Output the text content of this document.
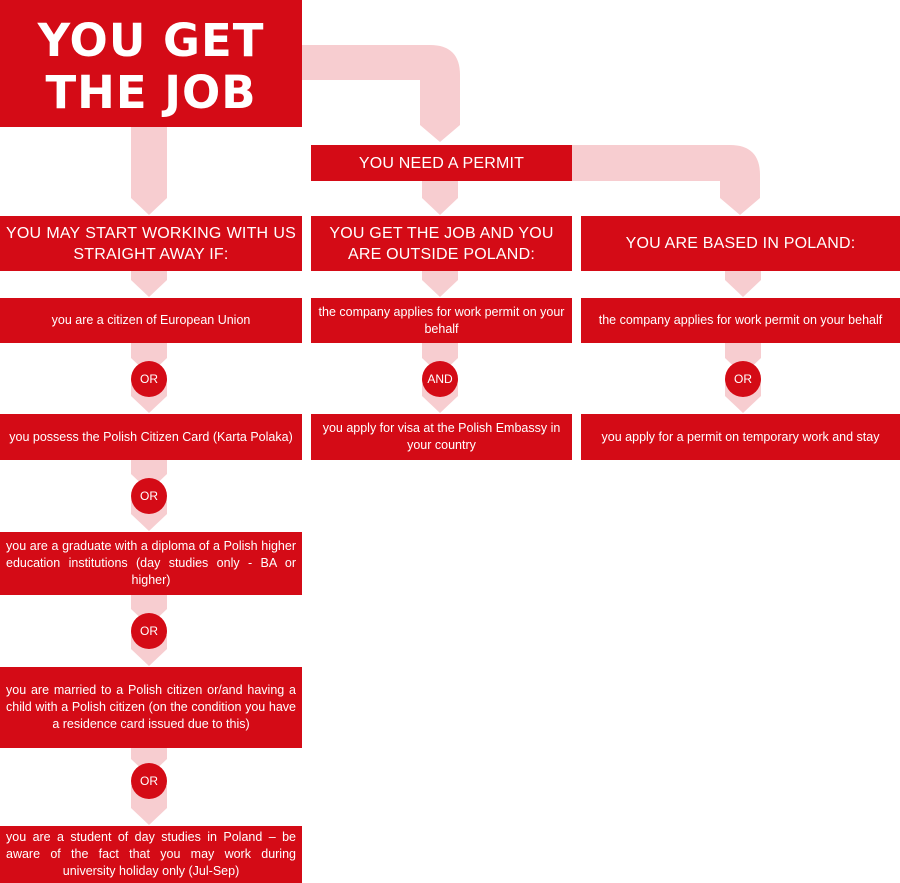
YOU GET THE JOB
YOU NEED A PERMIT
YOU MAY START WORKING WITH US STRAIGHT AWAY IF:
YOU GET THE JOB AND YOU ARE OUTSIDE POLAND:
YOU ARE BASED IN POLAND:
you are a citizen of European Union
you possess the Polish Citizen Card (Karta Polaka)
you are a graduate with a diploma of a Polish higher education institutions (day studies only - BA or higher)
you are married to a Polish citizen or/and having a child with a Polish citizen (on the condition you have a residence card issued due to this)
you are a student of day studies in Poland – be aware of the fact that you may work during university holiday only (Jul-Sep)
the company applies for work permit on your behalf
you apply for visa at the Polish Embassy in your country
the company applies for work permit on your behalf
you apply for a permit on temporary work and stay
OR
OR
OR
OR
AND	OR
